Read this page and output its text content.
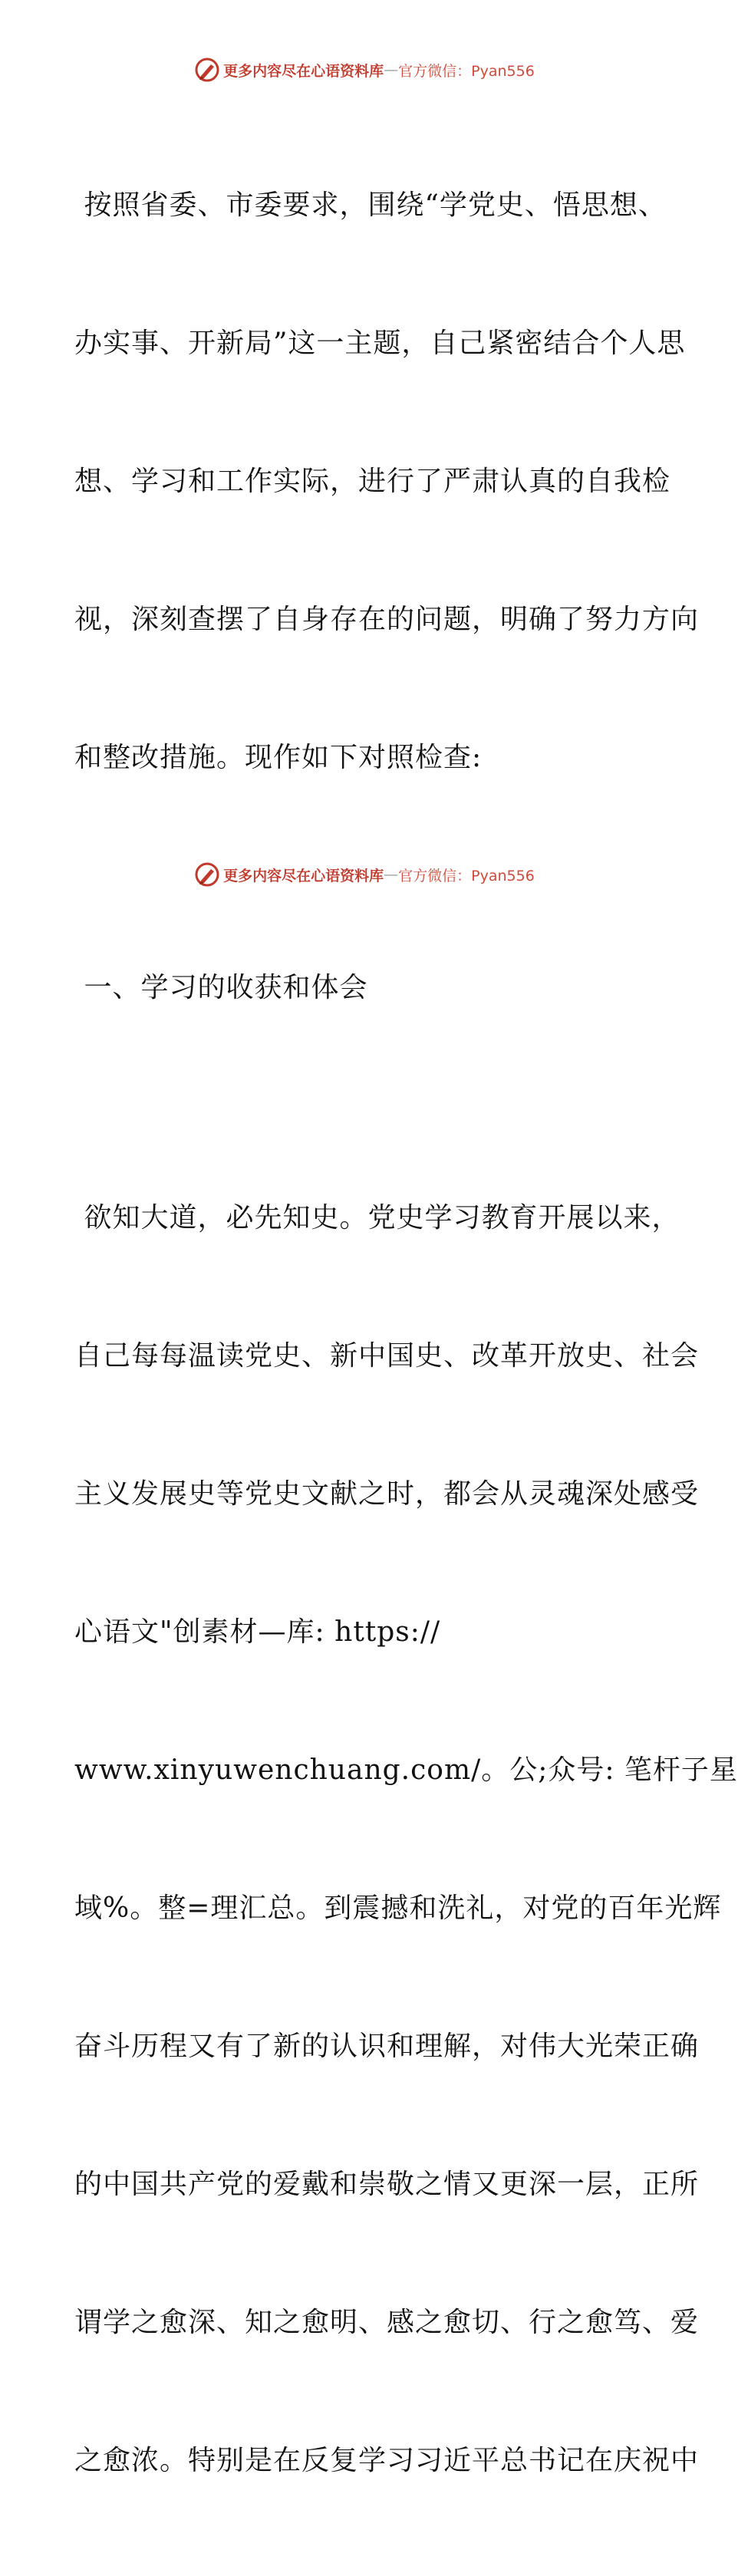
更多内容尽在心语资料库 — 官方微信：Pyan556

按照省委、市委要求，围绕“学党史、悟思想、

办实事、开新局”这一主题，自己紧密结合个人思

想、学习和工作实际，进行了严肃认真的自我检

视，深刻查摆了自身存在的问题，明确了努力方向

和整改措施。现作如下对照检查:

一、学习的收获和体会

欲知大道，必先知史。党史学习教育开展以来，

自己每每温读党史、新中国史、改革开放史、社会

主义发展史等党史文献之时，都会从灵魂深处感受

心语文"创素材—库: https://

www.xinyuwenchuang.com/。公;众号: 笔杆子星

域%。整=理汇总。到震撼和洗礼，对党的百年光辉

奋斗历程又有了新的认识和理解，对伟大光荣正确

的中国共产党的爱戴和崇敬之情又更深一层，正所

谓学之愈深、知之愈明、感之愈切、行之愈笃、爱

之愈浓。特别是在反复学习习近平总书记在庆祝中

更多内容尽在心语资料库 — 官方微信：Pyan556
